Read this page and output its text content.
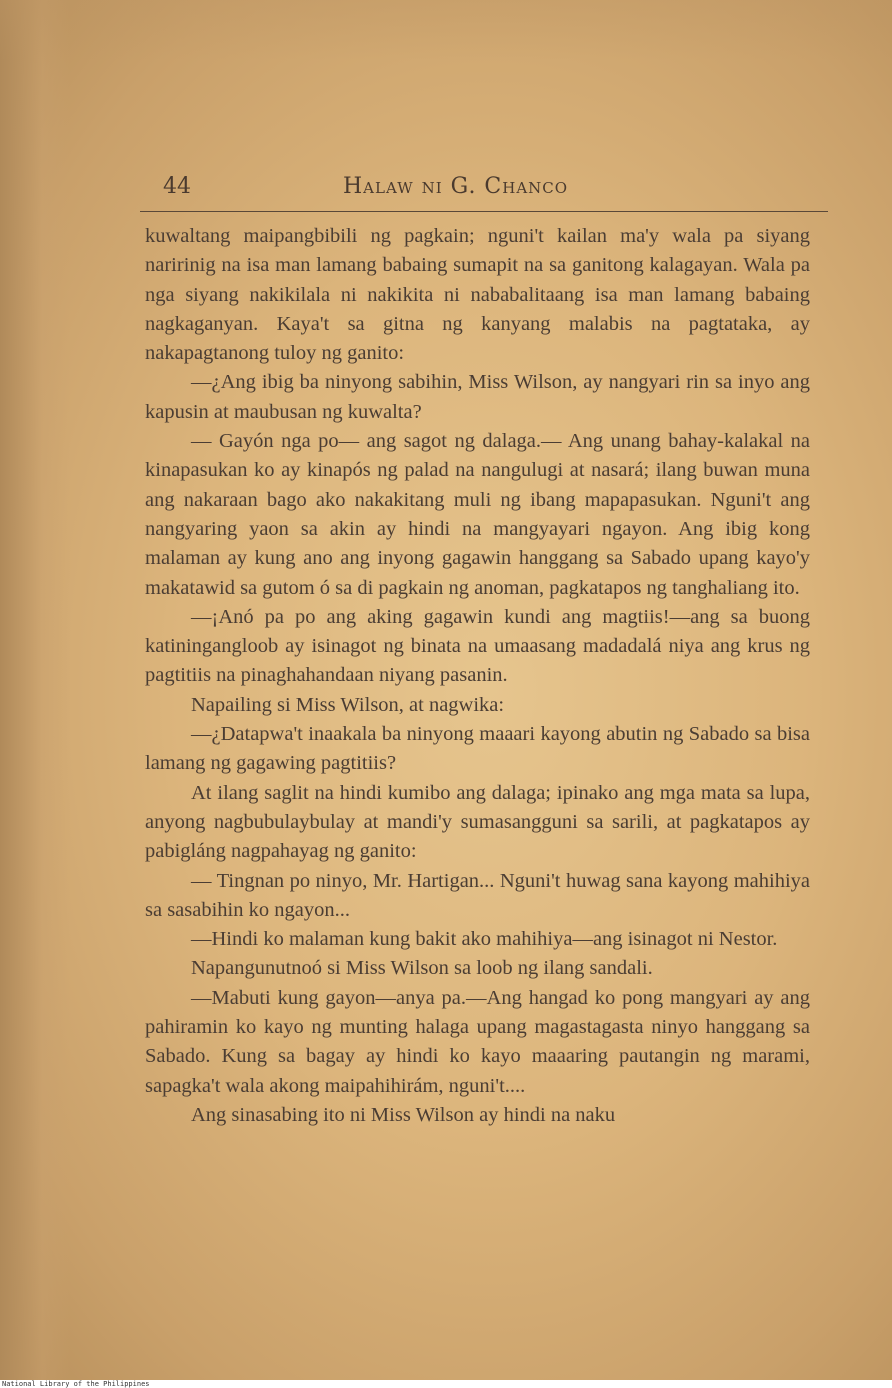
44	Halaw ni G. Chanco

kuwaltang maipangbibili ng pagkain; nguni't kailan ma'y wala pa siyang naririnig na isa man lamang babaing sumapit na sa ganitong kalagayan. Wala pa nga siyang nakikilala ni nakikita ni nababalitaang isa man lamang babaing nagkaganyan. Kaya't sa gitna ng kanyang malabis na pagtataka, ay nakapagtanong tuloy ng ganito:

—¿Ang ibig ba ninyong sabihin, Miss Wilson, ay nangyari rin sa inyo ang kapusin at maubusan ng kuwalta?

— Gayón nga po— ang sagot ng dalaga.— Ang unang bahay-kalakal na kinapasukan ko ay kinapós ng palad na nangulugi at nasará; ilang buwan muna ang nakaraan bago ako nakakitang muli ng ibang mapapasukan. Nguni't ang nangyaring yaon sa akin ay hindi na mangyayari ngayon. Ang ibig kong malaman ay kung ano ang inyong gagawin hanggang sa Sabado upang kayo'y makatawid sa gutom ó sa di pagkain ng anoman, pagkatapos ng tanghaliang ito.

—¡Anó pa po ang aking gagawin kundi ang magtiis!—ang sa buong katiningangloob ay isinagot ng binata na umaasang madadalá niya ang krus ng pagtitiis na pinaghahandaan niyang pasanin.

Napailing si Miss Wilson, at nagwika:

—¿Datapwa't inaakala ba ninyong maaari kayong abutin ng Sabado sa bisa lamang ng gagawing pagtitiis?

At ilang saglit na hindi kumibo ang dalaga; ipinako ang mga mata sa lupa, anyong nagbubulaybulay at mandi'y sumasangguni sa sarili, at pagkatapos ay pabigláng nagpahayag ng ganito:

— Tingnan po ninyo, Mr. Hartigan... Nguni't huwag sana kayong mahihiya sa sasabihin ko ngayon...

—Hindi ko malaman kung bakit ako mahihiya—ang isinagot ni Nestor.

Napangunutnoó si Miss Wilson sa loob ng ilang sandali.

—Mabuti kung gayon—anya pa.—Ang hangad ko pong mangyari ay ang pahiramin ko kayo ng munting halaga upang magastagasta ninyo hanggang sa Sabado. Kung sa bagay ay hindi ko kayo maaaring pautangin ng marami, sapagka't wala akong maipahihirám, nguni't....

Ang sinasabing ito ni Miss Wilson ay hindi na naku

National Library of the Philippines
